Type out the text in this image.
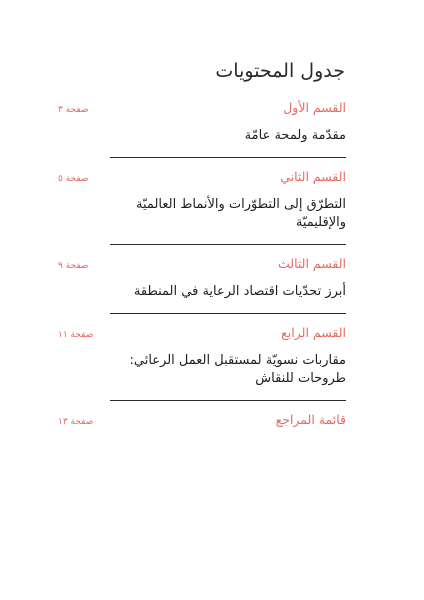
جدول المحتويات
القسم الأول
صفحة ٣
مقدّمة ولمحة عامّة
القسم الثاني
صفحة ٥
التطرّق إلى التطوّرات والأنماط العالميّة والإقليميّة
القسم الثالث
صفحة ٩
أبرز تحدّيات اقتصاد الرعاية في المنطقة
القسم الرابع
صفحة ١١
مقاربات نسويّة لمستقبل العمل الرعائي: طروحات للنقاش
قائمة المراجع
صفحة ١٣
